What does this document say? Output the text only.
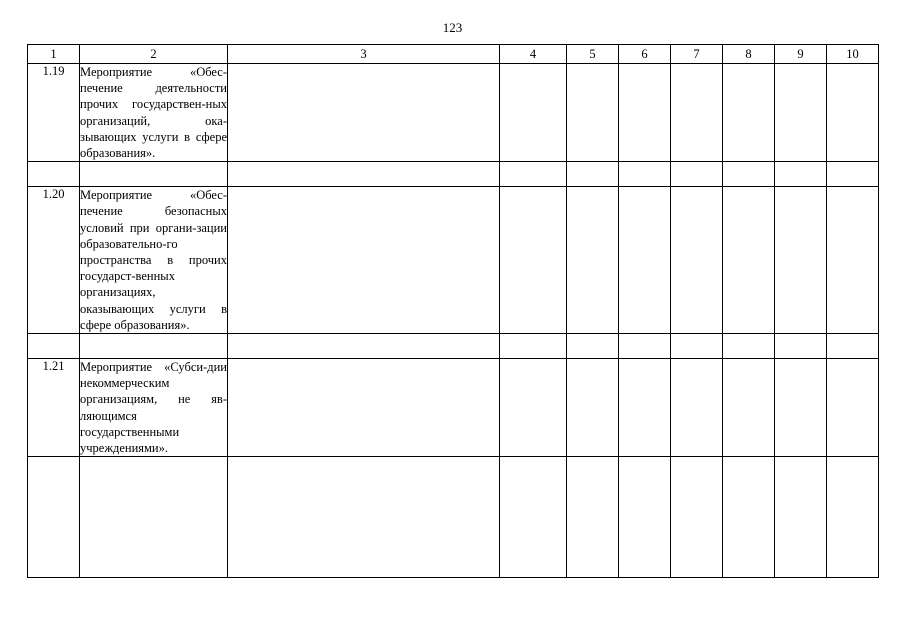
123
1	2	3	4	5	6	7	8	9	10
1.19	Мероприятие «Обес-печение деятельности прочих государствен-ных организаций, ока-зывающих услуги в сфере образования».								

1.20	Мероприятие «Обес-печение безопасных условий при органи-зации образовательно-го пространства в прочих государст-венных организациях, оказывающих услуги в сфере образования».								

1.21	Мероприятие «Субси-дии некоммерческим организациям, не яв-ляющимся государственными учреждениями».								
